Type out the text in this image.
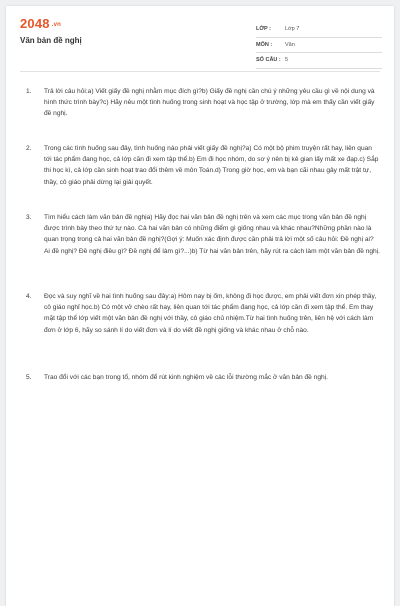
2048 .vn
Văn bản đề nghị
LỚP :	Lớp 7
MÔN :	Văn
SỐ CÂU : 5
1.	Trả lời câu hỏi:a) Viết giấy đề nghị nhằm mục đích gì?b) Giấy đề nghị cần chú ý những yêu cầu gì về nội dung và hình thức trình bày?c) Hãy nêu một tình huống trong sinh hoạt và học tập ở trường, lớp mà em thấy cần viết giấy đề nghị.
2.	Trong các tình huống sau đây, tình huống nào phải viết giấy đề nghị?a) Có một bộ phim truyện rất hay, liên quan tới tác phẩm đang học, cả lớp cần đi xem tập thể.b) Em đi học nhóm, do sơ ý nên bị kẻ gian lấy mất xe đạp.c) Sắp thi học kì, cả lớp cần sinh hoạt trao đổi thêm về môn Toán.d) Trong giờ học, em và bạn cãi nhau gây mất trật tự, thầy, cô giáo phải dừng lại giải quyết.
3.	Tìm hiểu cách làm văn bản đề nghịa) Hãy đọc hai văn bản đề nghị trên và xem các mục trong văn bản đề nghị được trình bày theo thứ tự nào. Cả hai văn bản có những điểm gì giống nhau và khác nhau?Những phần nào là quan trọng trong cả hai văn bản đề nghị?(Gợi ý: Muốn xác định được cần phải trả lời một số câu hỏi: Đề nghị ai? Ai đề nghị? Đề nghị điều gì? Đề nghị để làm gì?...)b) Từ hai văn bản trên, hãy rút ra cách làm một văn bản đề nghị.
4.	Đọc và suy nghĩ về hai tình huống sau đây:a) Hôm nay bị ốm, không đi học được, em phải viết đơn xin phép thầy, cô giáo nghỉ học.b) Có một vở chèo rất hay, liên quan tới tác phẩm đang học, cả lớp cần đi xem tập thể. Em thay mặt tập thể lớp viết một văn bản đề nghị với thầy, cô giáo chủ nhiệm.Từ hai tình huống trên, liên hệ với cách làm đơn ở lớp 6, hãy so sánh lí do viết đơn và lí do viết đề nghị giống và khác nhau ở chỗ nào.
5.	Trao đổi với các bạn trong tổ, nhóm để rút kinh nghiệm về các lỗi thường mắc ở văn bản đề nghị.
